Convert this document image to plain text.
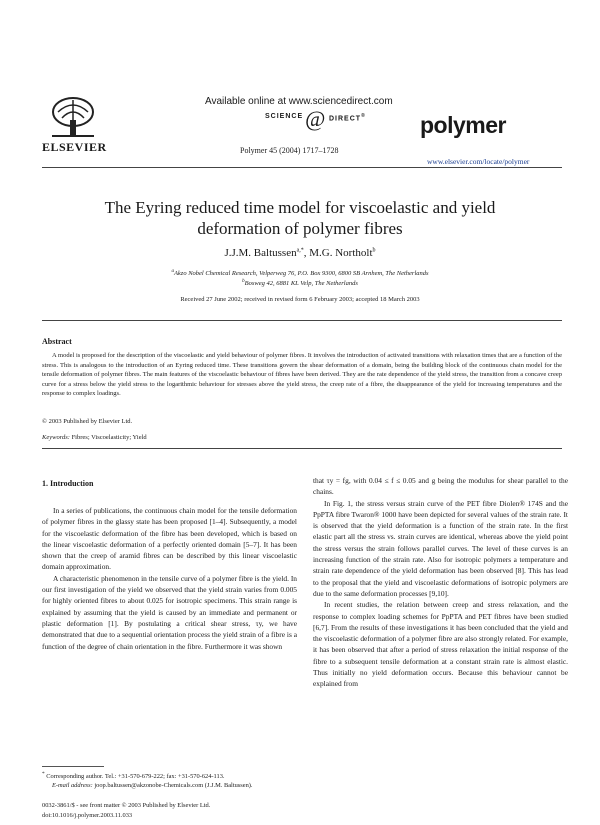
ELSEVIER
Available online at www.sciencedirect.com
SCIENCE @ DIRECT®
Polymer 45 (2004) 1717–1728
polymer
www.elsevier.com/locate/polymer
The Eyring reduced time model for viscoelastic and yield
deformation of polymer fibres
J.J.M. Baltussen$^{a,*}$, M.G. Northolt$^b$
$^a$Akzo Nobel Chemical Research, Velperweg 76, P.O. Box 9300, 6800 SB Arnhem, The Netherlands
$^b$Bosweg 42, 6881 KL Velp, The Netherlands
Received 27 June 2002; received in revised form 6 February 2003; accepted 18 March 2003
Abstract
A model is proposed for the description of the viscoelastic and yield behaviour of polymer fibres. It involves the introduction of activated transitions with relaxation times that are a function of the stress. This is analogous to the introduction of an Eyring reduced time. These transitions govern the shear deformation of a domain, being the building block of the continuous chain model for the tensile deformation of polymer fibres. The main features of the viscoelastic behaviour of fibres have been derived. They are the rate dependence of the yield stress, the transition from a concave creep curve for a stress below the yield stress to the logarithmic behaviour for stresses above the yield stress, the creep rate of a fibre, the disappearance of the yield for increasing temperatures and the response to complex loadings.
© 2003 Published by Elsevier Ltd.
Keywords: Fibres; Viscoelasticity; Yield
1. Introduction

In a series of publications, the continuous chain model for the tensile deformation of polymer fibres in the glassy state has been proposed [1–4]. Subsequently, a model for the viscoelastic deformation of the fibre has been developed, which is based on the linear viscoelastic deformation of a perfectly oriented domain [5–7]. It has been shown that the creep of aramid fibres can be described by this linear viscoelastic domain approximation.

A characteristic phenomenon in the tensile curve of a polymer fibre is the yield. In our first investigation of the yield we observed that the yield strain varies from 0.005 for highly oriented fibres to about 0.025 for isotropic specimens. This strain range is explained by assuming that the yield is caused by an immediate and permanent or plastic deformation [1]. By postulating a critical shear stress, τy, we have demonstrated that due to a sequential orientation process the yield strain of a fibre is a function of the degree of chain orientation in the fibre. Furthermore it was shown

* Corresponding author. Tel.: +31-570-679-222; fax: +31-570-624-113.
E-mail address: joop.baltussen@akzonobe-Chemicals.com (J.J.M. Baltussen).
0032-3861/$ - see front matter © 2003 Published by Elsevier Ltd.
doi:10.1016/j.polymer.2003.11.033

that τy = fg, with 0.04 ≤ f ≤ 0.05 and g being the modulus for shear parallel to the chains.

In Fig. 1, the stress versus strain curve of the PET fibre Diolen® 174S and the PpPTA fibre Twaron® 1000 have been depicted for several values of the strain rate. It is observed that the yield deformation is a function of the strain rate. In the first elastic part all the stress vs. strain curves are identical, whereas above the yield point the stress versus the strain follows parallel curves. The level of these curves is an increasing function of the strain rate. Also for isotropic polymers a temperature and strain rate dependence of the yield deformation has been observed [8]. This has lead to the proposal that the yield and viscoelastic deformations of isotropic polymers are due to the same deformation processes [9,10].

In recent studies, the relation between creep and stress relaxation, and the response to complex loading schemes for PpPTA and PET fibres have been studied [6,7]. From the results of these investigations it has been concluded that the yield and the viscoelastic deformation of a polymer fibre are also strongly related. For example, it has been observed that after a period of stress relaxation the initial response of the fibre to a subsequent tensile deformation at a constant strain rate is almost elastic. Thus initially no yield deformation occurs. Because this behaviour cannot be explained from
